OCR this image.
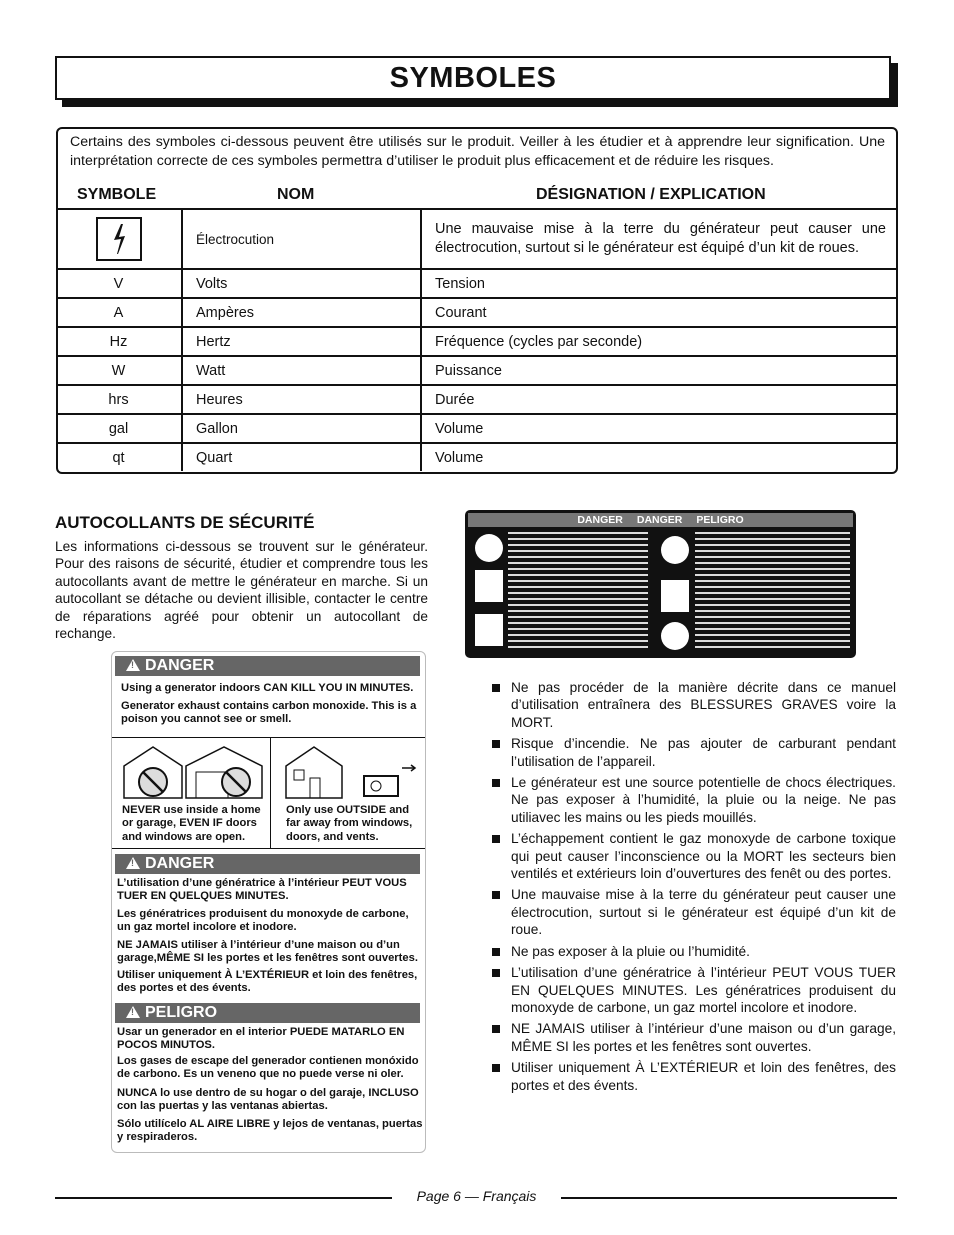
SYMBOLES
Certains des symboles ci-dessous peuvent être utilisés sur le produit. Veiller à les étudier et à apprendre leur signification. Une interprétation correcte de ces symboles permettra d’utiliser le produit plus efficacement et de réduire les risques.
SYMBOLE	NOM	DÉSIGNATION / EXPLICATION
	Électrocution	Une mauvaise mise à la terre du générateur peut causer une électrocution, surtout si le générateur est équipé d’un kit de roues.
V	Volts	Tension
A	Ampères	Courant
Hz	Hertz	Fréquence (cycles par seconde)
W	Watt	Puissance
hrs	Heures	Durée
gal	Gallon	Volume
qt	Quart	Volume
AUTOCOLLANTS DE SÉCURITÉ
Les informations ci-dessous se trouvent sur le générateur. Pour des raisons de sécurité, étudier et comprendre tous les autocollants avant de mettre le générateur en marche. Si un autocollant se détache ou devient illisible, contacter le centre de réparations agréé pour obtenir un autocollant de rechange.
!
DANGER
Using a generator indoors CAN KILL YOU IN MINUTES.
Generator exhaust contains carbon monoxide. This is a poison you cannot see or smell.
NEVER use inside a home or garage, EVEN IF doors and windows are open.
Only use OUTSIDE and far away from windows, doors, and vents.
!
DANGER
L’utilisation d’une génératrice à l’intérieur PEUT VOUS TUER EN QUELQUES MINUTES.
Les génératrices produisent du monoxyde de carbone, un gaz mortel incolore et inodore.
NE JAMAIS utiliser à l’intérieur d’une maison ou d’un garage,MÊME SI les portes et les fenêtres sont ouvertes.
Utiliser uniquement À L’EXTÉRIEUR et loin des fenêtres, des portes et des évents.
!
PELIGRO
Usar un generador en el interior PUEDE MATARLO EN POCOS MINUTOS.
Los gases de escape del generador contienen monóxido de carbono. Es un veneno que no puede verse ni oler.
NUNCA lo use dentro de su hogar o del garaje, INCLUSO con las puertas y las ventanas abiertas.
Sólo utilícelo AL AIRE LIBRE y lejos de ventanas, puertas y respiraderos.
DANGER DANGER PELIGRO
Ne pas procéder de la manière décrite dans ce manuel d’utilisation entraînera des BLESSURES GRAVES voire la MORT.
Risque d’incendie. Ne pas ajouter de carburant pendant l’utilisation de l’appareil.
Le générateur est une source potentielle de chocs électriques. Ne pas exposer à l’humidité, la pluie ou la neige. Ne pas utiliavec les mains ou les pieds mouillés.
L’échappement contient le gaz monoxyde de carbone toxique qui peut causer l’inconscience ou la MORT les secteurs bien ventilés et extérieurs loin d’ouvertures des fenêt ou des portes.
Une mauvaise mise à la terre du générateur peut causer une électrocution, surtout si le générateur est équipé d’un kit de roue.
Ne pas exposer à la pluie ou l’humidité.
L’utilisation d’une génératrice à l’intérieur PEUT VOUS TUER EN QUELQUES MINUTES. Les génératrices produisent du monoxyde de carbone, un gaz mortel incolore et inodore.
NE JAMAIS utiliser à l’intérieur d’une maison ou d’un garage, MÊME SI les portes et les fenêtres sont ouvertes.
Utiliser uniquement À L’EXTÉRIEUR et loin des fenêtres, des portes et des évents.
Page 6 — Français
